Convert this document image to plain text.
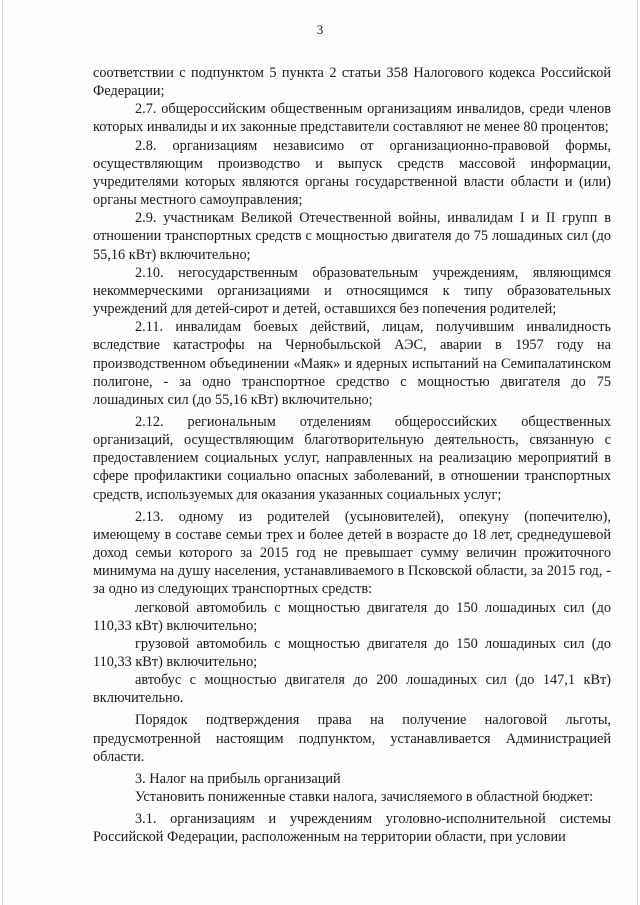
3

соответствии с подпунктом 5 пункта 2 статьи 358 Налогового кодекса Российской Федерации;

2.7. общероссийским общественным организациям инвалидов, среди членов которых инвалиды и их законные представители составляют не менее 80 процентов;

2.8. организациям независимо от организационно-правовой формы, осуществляющим производство и выпуск средств массовой информации, учредителями которых являются органы государственной власти области и (или) органы местного самоуправления;

2.9. участникам Великой Отечественной войны, инвалидам I и II групп в отношении транспортных средств с мощностью двигателя до 75 лошадиных сил (до 55,16 кВт) включительно;

2.10. негосударственным образовательным учреждениям, являющимся некоммерческими организациями и относящимся к типу образовательных учреждений для детей-сирот и детей, оставшихся без попечения родителей;

2.11. инвалидам боевых действий, лицам, получившим инвалидность вследствие катастрофы на Чернобыльской АЭС, аварии в 1957 году на производственном объединении «Маяк» и ядерных испытаний на Семипалатинском полигоне, - за одно транспортное средство с мощностью двигателя до 75 лошадиных сил (до 55,16 кВт) включительно;

2.12. региональным отделениям общероссийских общественных организаций, осуществляющим благотворительную деятельность, связанную с предоставлением социальных услуг, направленных на реализацию мероприятий в сфере профилактики социально опасных заболеваний, в отношении транспортных средств, используемых для оказания указанных социальных услуг;

2.13. одному из родителей (усыновителей), опекуну (попечителю), имеющему в составе семьи трех и более детей в возрасте до 18 лет, среднедушевой доход семьи которого за 2015 год не превышает сумму величин прожиточного минимума на душу населения, устанавливаемого в Псковской области, за 2015 год, - за одно из следующих транспортных средств:

легковой автомобиль с мощностью двигателя до 150 лошадиных сил (до 110,33 кВт) включительно;

грузовой автомобиль с мощностью двигателя до 150 лошадиных сил (до 110,33 кВт) включительно;

автобус с мощностью двигателя до 200 лошадиных сил (до 147,1 кВт) включительно.

Порядок подтверждения права на получение налоговой льготы, предусмотренной настоящим подпунктом, устанавливается Администрацией области.

3. Налог на прибыль организаций

Установить пониженные ставки налога, зачисляемого в областной бюджет:

3.1. организациям и учреждениям уголовно-исполнительной системы Российской Федерации, расположенным на территории области, при условии
